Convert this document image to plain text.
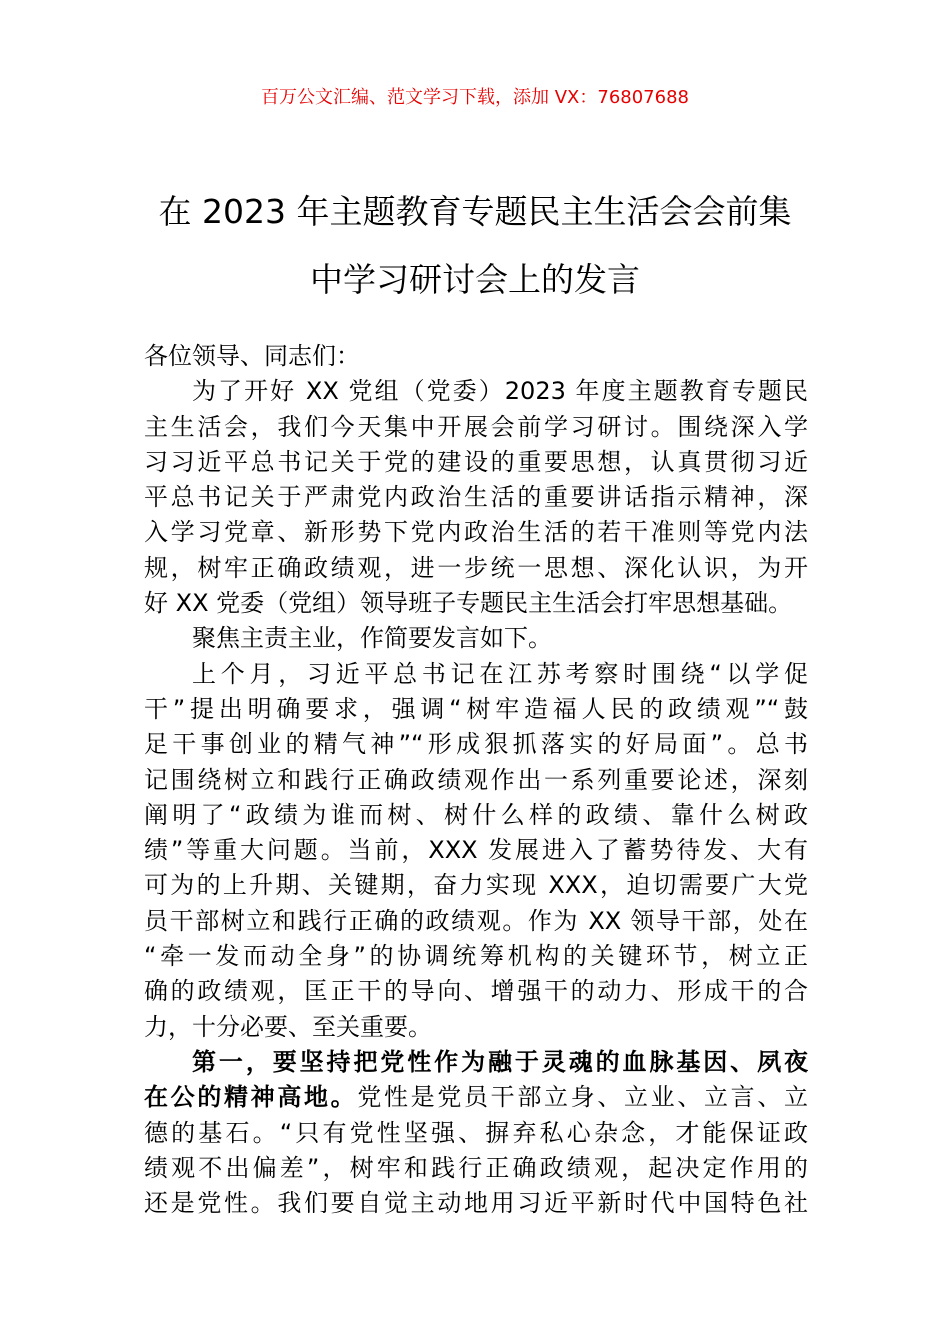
百万公文汇编、范文学习下载，添加 VX：76807688
在 2023 年主题教育专题民主生活会会前集
中学习研讨会上的发言
各位领导、同志们：
为了开好 XX 党组（党委）2023 年度主题教育专题民
主生活会，我们今天集中开展会前学习研讨。围绕深入学
习习近平总书记关于党的建设的重要思想，认真贯彻习近
平总书记关于严肃党内政治生活的重要讲话指示精神，深
入学习党章、新形势下党内政治生活的若干准则等党内法
规，树牢正确政绩观，进一步统一思想、深化认识，为开
好 XX 党委（党组）领导班子专题民主生活会打牢思想基础。
聚焦主责主业，作简要发言如下。
上个月，习近平总书记在江苏考察时围绕“以学促
干”提出明确要求，强调“树牢造福人民的政绩观”“鼓
足干事创业的精气神”“形成狠抓落实的好局面”。总书
记围绕树立和践行正确政绩观作出一系列重要论述，深刻
阐明了“政绩为谁而树、树什么样的政绩、靠什么树政
绩”等重大问题。当前，XXX 发展进入了蓄势待发、大有
可为的上升期、关键期，奋力实现 XXX，迫切需要广大党
员干部树立和践行正确的政绩观。作为 XX 领导干部，处在
“牵一发而动全身”的协调统筹机构的关键环节，树立正
确的政绩观，匡正干的导向、增强干的动力、形成干的合
力，十分必要、至关重要。
第一，要坚持把党性作为融于灵魂的血脉基因、夙夜
在公的精神高地。党性是党员干部立身、立业、立言、立
德的基石。“只有党性坚强、摒弃私心杂念，才能保证政
绩观不出偏差”，树牢和践行正确政绩观，起决定作用的
还是党性。我们要自觉主动地用习近平新时代中国特色社
